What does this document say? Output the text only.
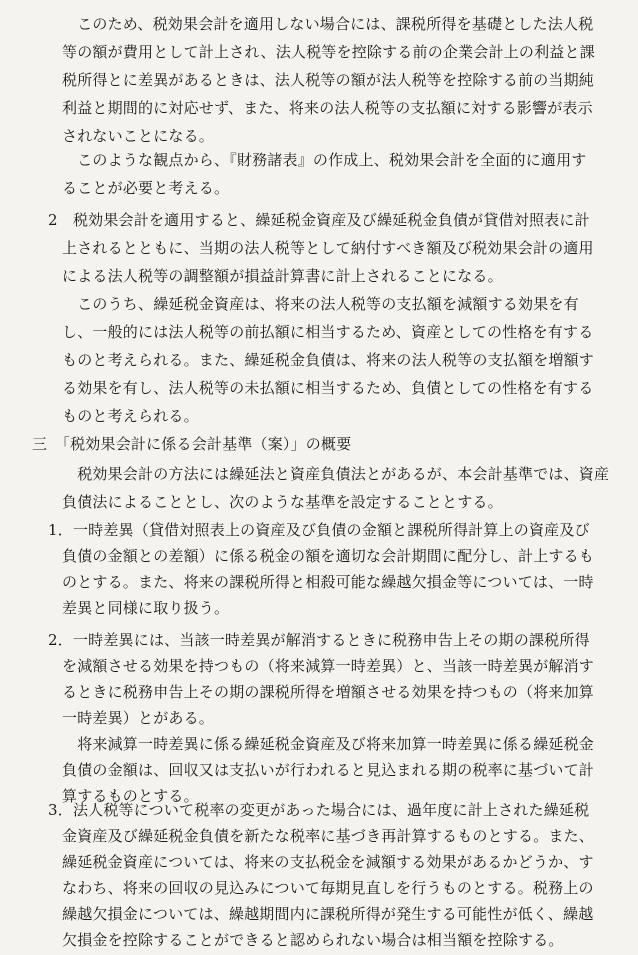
　このため、税効果会計を適用しない場合には、課税所得を基礎とした法人税
等の額が費用として計上され、法人税等を控除する前の企業会計上の利益と課
税所得とに差異があるときは、法人税等の額が法人税等を控除する前の当期純
利益と期間的に対応せず、また、将来の法人税等の支払額に対する影響が表示
されないことになる。
　このような観点から、『財務諸表』の作成上、税効果会計を全面的に適用す
ることが必要と考える。
2　税効果会計を適用すると、繰延税金資産及び繰延税金負債が貸借対照表に計
上されるとともに、当期の法人税等として納付すべき額及び税効果会計の適用
による法人税等の調整額が損益計算書に計上されることになる。
　このうち、繰延税金資産は、将来の法人税等の支払額を減額する効果を有
し、一般的には法人税等の前払額に相当するため、資産としての性格を有する
ものと考えられる。また、繰延税金負債は、将来の法人税等の支払額を増額す
る効果を有し、法人税等の未払額に相当するため、負債としての性格を有する
ものと考えられる。
三　「税効果会計に係る会計基準（案）」の概要
　税効果会計の方法には繰延法と資産負債法とがあるが、本会計基準では、資産
負債法によることとし、次のような基準を設定することとする。
1．一時差異（貸借対照表上の資産及び負債の金額と課税所得計算上の資産及び
負債の金額との差額）に係る税金の額を適切な会計期間に配分し、計上するも
のとする。また、将来の課税所得と相殺可能な繰越欠損金等については、一時
差異と同様に取り扱う。
2．一時差異には、当該一時差異が解消するときに税務申告上その期の課税所得
を減額させる効果を持つもの（将来減算一時差異）と、当該一時差異が解消す
るときに税務申告上その期の課税所得を増額させる効果を持つもの（将来加算
一時差異）とがある。
　将来減算一時差異に係る繰延税金資産及び将来加算一時差異に係る繰延税金
負債の金額は、回収又は支払いが行われると見込まれる期の税率に基づいて計
算するものとする。
3．法人税等について税率の変更があった場合には、過年度に計上された繰延税
金資産及び繰延税金負債を新たな税率に基づき再計算するものとする。また、
繰延税金資産については、将来の支払税金を減額する効果があるかどうか、す
なわち、将来の回収の見込みについて毎期見直しを行うものとする。税務上の
繰越欠損金については、繰越期間内に課税所得が発生する可能性が低く、繰越
欠損金を控除することができると認められない場合は相当額を控除する。
